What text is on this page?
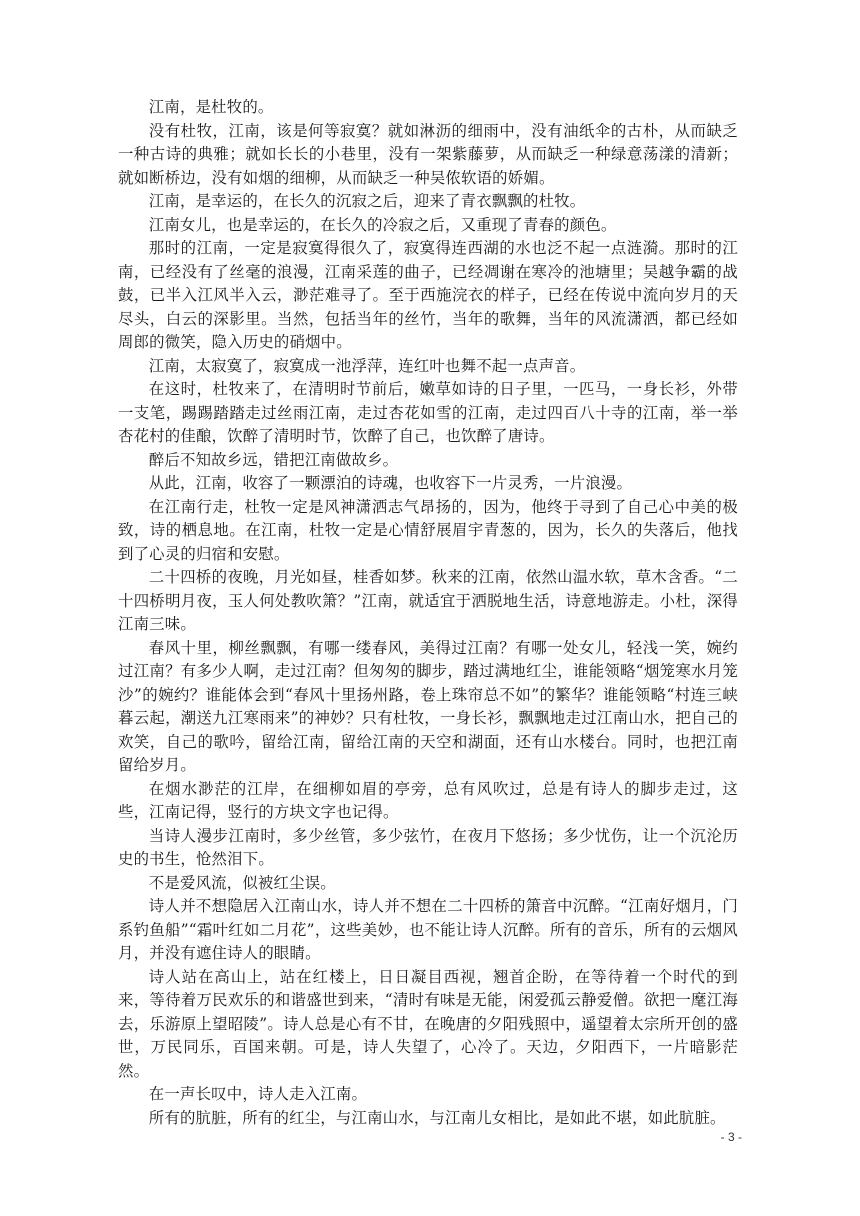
江南，是杜牧的。

没有杜牧，江南，该是何等寂寞？就如淋沥的细雨中，没有油纸伞的古朴，从而缺乏一种古诗的典雅；就如长长的小巷里，没有一架紫藤萝，从而缺乏一种绿意荡漾的清新；就如断桥边，没有如烟的细柳，从而缺乏一种吴侬软语的娇媚。

江南，是幸运的，在长久的沉寂之后，迎来了青衣飘飘的杜牧。

江南女儿，也是幸运的，在长久的冷寂之后，又重现了青春的颜色。

那时的江南，一定是寂寞得很久了，寂寞得连西湖的水也泛不起一点涟漪。那时的江南，已经没有了丝毫的浪漫，江南采莲的曲子，已经凋谢在寒冷的池塘里；吴越争霸的战鼓，已半入江风半入云，渺茫难寻了。至于西施浣衣的样子，已经在传说中流向岁月的天尽头，白云的深影里。当然，包括当年的丝竹，当年的歌舞，当年的风流潇洒，都已经如周郎的微笑，隐入历史的硝烟中。

江南，太寂寞了，寂寞成一池浮萍，连红叶也舞不起一点声音。

在这时，杜牧来了，在清明时节前后，嫩草如诗的日子里，一匹马，一身长衫，外带一支笔，踢踢踏踏走过丝雨江南，走过杏花如雪的江南，走过四百八十寺的江南，举一举杏花村的佳酿，饮醉了清明时节，饮醉了自己，也饮醉了唐诗。

醉后不知故乡远，错把江南做故乡。

从此，江南，收容了一颗漂泊的诗魂，也收容下一片灵秀，一片浪漫。

在江南行走，杜牧一定是风神潇洒志气昂扬的，因为，他终于寻到了自己心中美的极致，诗的栖息地。在江南，杜牧一定是心情舒展眉宇青葱的，因为，长久的失落后，他找到了心灵的归宿和安慰。

二十四桥的夜晚，月光如昼，桂香如梦。秋来的江南，依然山温水软，草木含香。“二十四桥明月夜，玉人何处教吹箫？”江南，就适宜于洒脱地生活，诗意地游走。小杜，深得江南三味。

春风十里，柳丝飘飘，有哪一缕春风，美得过江南？有哪一处女儿，轻浅一笑，婉约过江南？有多少人啊，走过江南？但匆匆的脚步，踏过满地红尘，谁能领略“烟笼寒水月笼沙”的婉约？谁能体会到“春风十里扬州路，卷上珠帘总不如”的繁华？谁能领略“村连三峡暮云起，潮送九江寒雨来”的神妙？只有杜牧，一身长衫，飘飘地走过江南山水，把自己的欢笑，自己的歌吟，留给江南，留给江南的天空和湖面，还有山水楼台。同时，也把江南留给岁月。

在烟水渺茫的江岸，在细柳如眉的亭旁，总有风吹过，总是有诗人的脚步走过，这些，江南记得，竖行的方块文字也记得。

当诗人漫步江南时，多少丝管，多少弦竹，在夜月下悠扬；多少忧伤，让一个沉沦历史的书生，怆然泪下。

不是爱风流，似被红尘误。

诗人并不想隐居入江南山水，诗人并不想在二十四桥的箫音中沉醉。“江南好烟月，门系钓鱼船”“霜叶红如二月花”，这些美妙，也不能让诗人沉醉。所有的音乐，所有的云烟风月，并没有遮住诗人的眼睛。

诗人站在高山上，站在红楼上，日日凝目西视，翘首企盼，在等待着一个时代的到来，等待着万民欢乐的和谐盛世到来，“清时有味是无能，闲爱孤云静爱僧。欲把一麾江海去，乐游原上望昭陵”。诗人总是心有不甘，在晚唐的夕阳残照中，遥望着太宗所开创的盛世，万民同乐，百国来朝。可是，诗人失望了，心冷了。天边，夕阳西下，一片暗影茫然。

在一声长叹中，诗人走入江南。

所有的肮脏，所有的红尘，与江南山水，与江南儿女相比，是如此不堪，如此肮脏。

- 3 -
